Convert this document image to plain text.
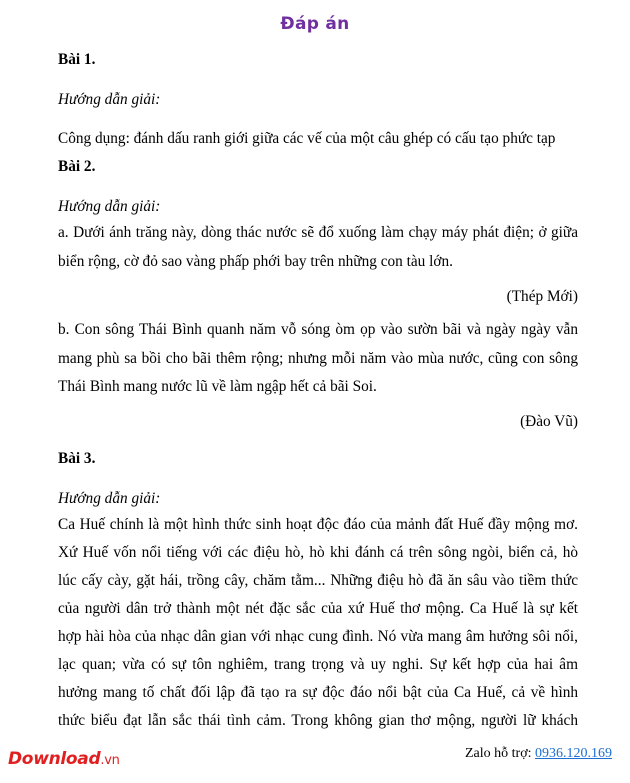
Đáp án
Bài 1.
Hướng dẫn giải:
Công dụng: đánh dấu ranh giới giữa các vế của một câu ghép có cấu tạo phức tạp
Bài 2.
Hướng dẫn giải:
a. Dưới ánh trăng này, dòng thác nước sẽ đổ xuống làm chạy máy phát điện; ở giữa
biển rộng, cờ đỏ sao vàng phấp phới bay trên những con tàu lớn.
(Thép Mới)
b. Con sông Thái Bình quanh năm vỗ sóng òm ọp vào sườn bãi và ngày ngày vẫn
mang phù sa bồi cho bãi thêm rộng; nhưng mỗi năm vào mùa nước, cũng con sông
Thái Bình mang nước lũ về làm ngập hết cả bãi Soi.
(Đào Vũ)
Bài 3.
Hướng dẫn giải:
Ca Huế chính là một hình thức sinh hoạt độc đáo của mảnh đất Huế đầy mộng mơ.
Xứ Huế vốn nổi tiếng với các điệu hò, hò khi đánh cá trên sông ngòi, biển cả, hò
lúc cấy cày, gặt hái, trồng cây, chăm tằm... Những điệu hò đã ăn sâu vào tiềm thức
của người dân trở thành một nét đặc sắc của xứ Huế thơ mộng. Ca Huế là sự kết
hợp hài hòa của nhạc dân gian với nhạc cung đình. Nó vừa mang âm hưởng sôi nổi,
lạc quan; vừa có sự tôn nghiêm, trang trọng và uy nghi. Sự kết hợp của hai âm
hưởng mang tố chất đối lập đã tạo ra sự độc đáo nổi bật của Ca Huế, cả về hình
thức biểu đạt lẫn sắc thái tình cảm. Trong không gian thơ mộng, người lữ khách
Download.vn	Zalo hỗ trợ: 0936.120.169
